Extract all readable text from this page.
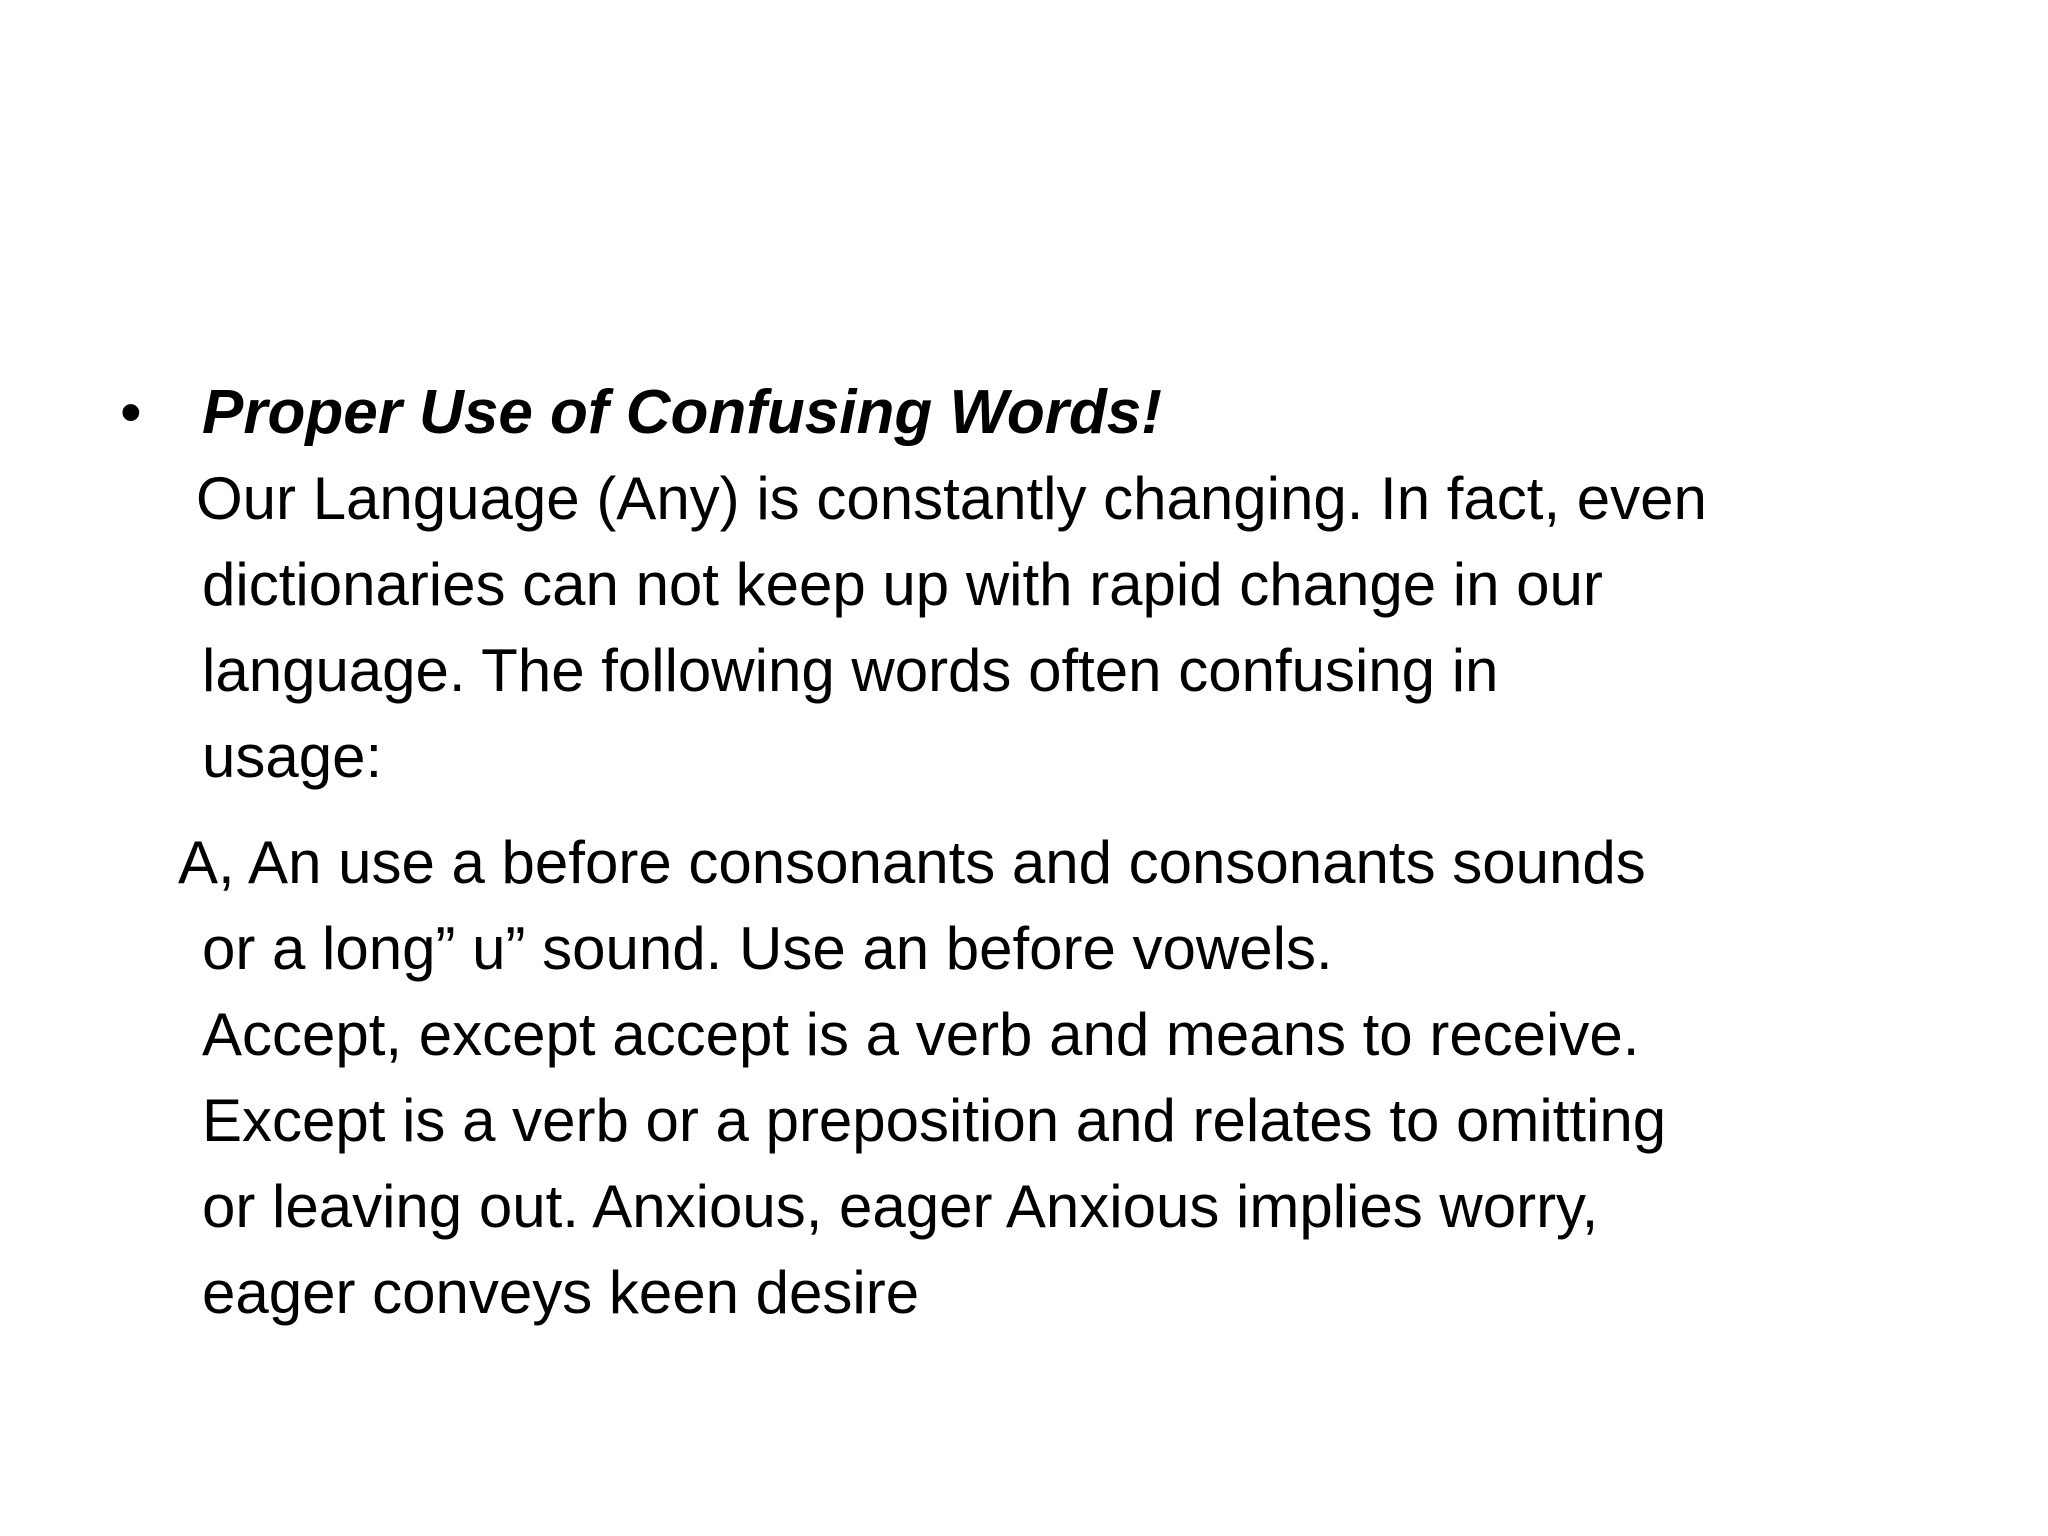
• Proper Use of Confusing Words!
Our Language (Any) is constantly changing. In fact, even
dictionaries can not keep up with rapid change in our
language. The following words often confusing in
usage:
A, An use a before consonants and consonants sounds
or a long” u” sound. Use an before vowels.
Accept, except accept is a verb and means to receive.
Except is a verb or a preposition and relates to omitting
or leaving out. Anxious, eager Anxious implies worry,
eager conveys keen desire
